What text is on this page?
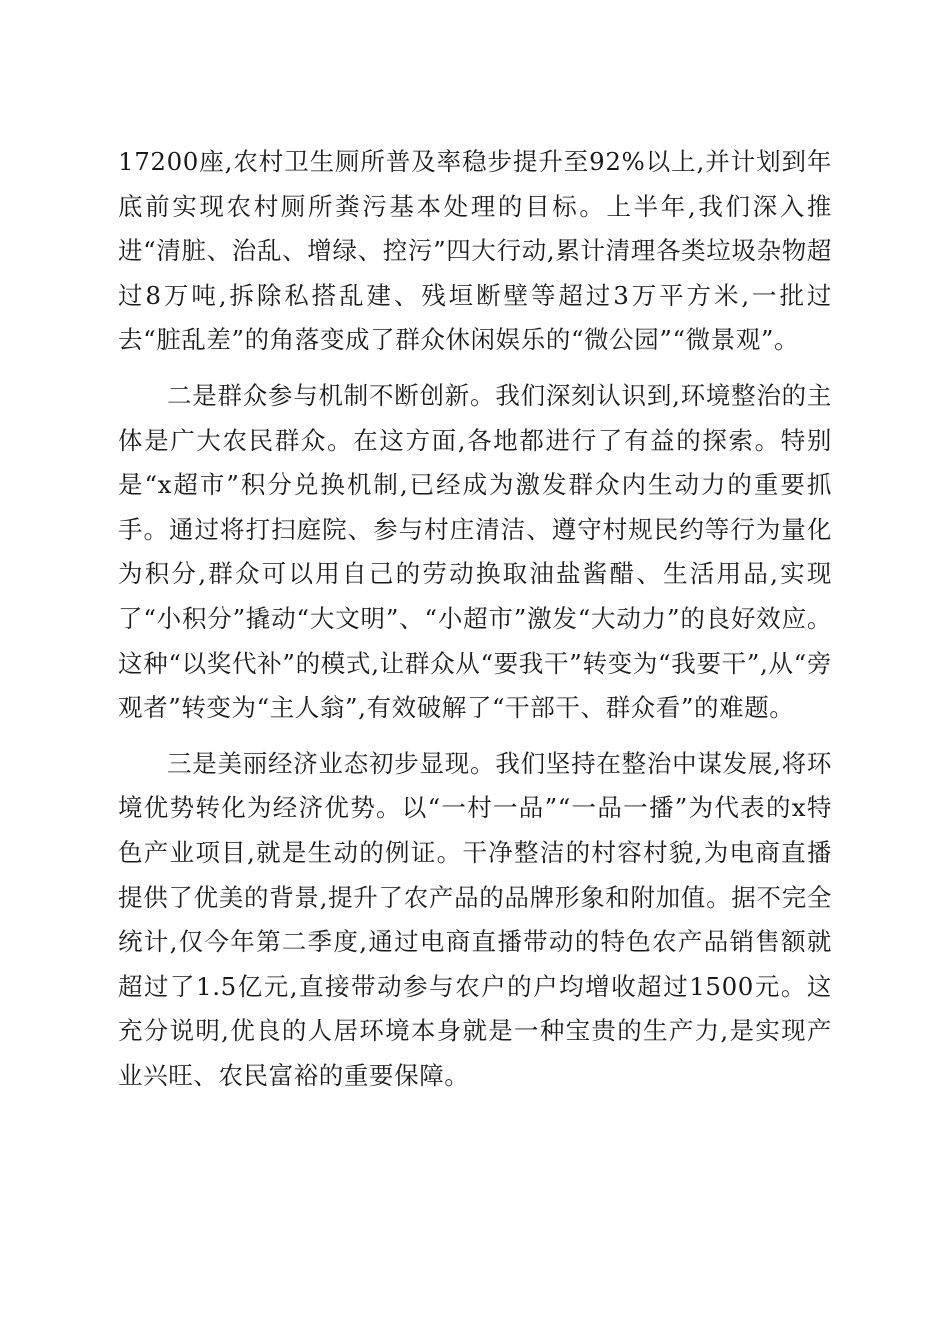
17200座,农村卫生厕所普及率稳步提升至92%以上,并计划到年底前实现农村厕所粪污基本处理的目标。上半年,我们深入推进“清脏、治乱、增绿、控污”四大行动,累计清理各类垃圾杂物超过8万吨,拆除私搭乱建、残垣断壁等超过3万平方米,一批过去“脏乱差”的角落变成了群众休闲娱乐的“微公园”“微景观”。

二是群众参与机制不断创新。我们深刻认识到,环境整治的主体是广大农民群众。在这方面,各地都进行了有益的探索。特别是“x超市”积分兑换机制,已经成为激发群众内生动力的重要抓手。通过将打扫庭院、参与村庄清洁、遵守村规民约等行为量化为积分,群众可以用自己的劳动换取油盐酱醋、生活用品,实现了“小积分”撬动“大文明”、“小超市”激发“大动力”的良好效应。这种“以奖代补”的模式,让群众从“要我干”转变为“我要干”,从“旁观者”转变为“主人翁”,有效破解了“干部干、群众看”的难题。

三是美丽经济业态初步显现。我们坚持在整治中谋发展,将环境优势转化为经济优势。以“一村一品”“一品一播”为代表的x特色产业项目,就是生动的例证。干净整洁的村容村貌,为电商直播提供了优美的背景,提升了农产品的品牌形象和附加值。据不完全统计,仅今年第二季度,通过电商直播带动的特色农产品销售额就超过了1.5亿元,直接带动参与农户的户均增收超过1500元。这充分说明,优良的人居环境本身就是一种宝贵的生产力,是实现产业兴旺、农民富裕的重要保障。
